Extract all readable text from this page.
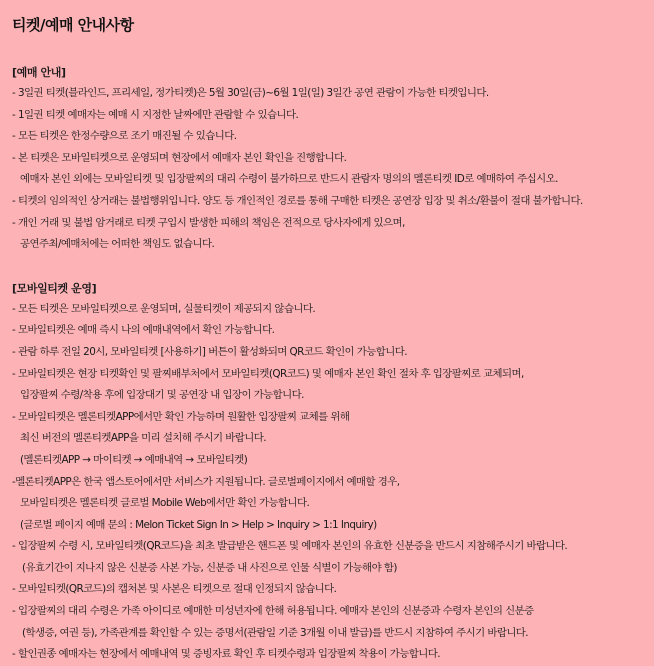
티켓/예매 안내사항
[예매 안내]
- 3일권 티켓(블라인드, 프리세일, 정가티켓)은 5월 30일(금)~6월 1일(일) 3일간 공연 관람이 가능한 티켓입니다.
- 1일권 티켓 예매자는 예매 시 지정한 날짜에만 관람할 수 있습니다.
- 모든 티켓은 한정수량으로 조기 매진될 수 있습니다.
- 본 티켓은 모바일티켓으로 운영되며 현장에서 예매자 본인 확인을 진행합니다.
예매자 본인 외에는 모바일티켓 및 입장팔찌의 대리 수령이 불가하므로 반드시 관람자 명의의 멜론티켓 ID로 예매하여 주십시오.
- 티켓의 임의적인 상거래는 불법행위입니다. 양도 등 개인적인 경로를 통해 구매한 티켓은 공연장 입장 및 취소/환불이 절대 불가합니다.
- 개인 거래 및 불법 암거래로 티켓 구입시 발생한 피해의 책임은 전적으로 당사자에게 있으며,
공연주최/예매처에는 어떠한 책임도 없습니다.
[모바일티켓 운영]
- 모든 티켓은 모바일티켓으로 운영되며, 실물티켓이 제공되지 않습니다.
- 모바일티켓은 예매 즉시 나의 예매내역에서 확인 가능합니다.
- 관람 하루 전일 20시, 모바일티켓 [사용하기] 버튼이 활성화되며 QR코드 확인이 가능합니다.
- 모바일티켓은 현장 티켓확인 및 팔찌배부처에서 모바일티켓(QR코드) 및 예매자 본인 확인 절차 후 입장팔찌로 교체되며,
입장팔찌 수령/착용 후에 입장대기 및 공연장 내 입장이 가능합니다.
- 모바일티켓은 멜론티켓APP에서만 확인 가능하며 원활한 입장팔찌 교체를 위해
최신 버전의 멜론티켓APP을 미리 설치해 주시기 바랍니다.
(멜론티켓APP → 마이티켓 → 예매내역 → 모바일티켓)
-멜론티켓APP은 한국 앱스토어에서만 서비스가 지원됩니다. 글로벌페이지에서 예매할 경우,
모바일티켓은 멜론티켓 글로벌 Mobile Web에서만 확인 가능합니다.
(글로벌 페이지 예매 문의 : Melon Ticket Sign In > Help > Inquiry > 1:1 Inquiry)
- 입장팔찌 수령 시, 모바일티켓(QR코드)을 최초 발급받은 핸드폰 및 예매자 본인의 유효한 신분증을 반드시 지참해주시기 바랍니다.
(유효기간이 지나지 않은 신분증 사본 가능, 신분증 내 사진으로 인물 식별이 가능해야 함)
- 모바일티켓(QR코드)의 캡처본 및 사본은 티켓으로 절대 인정되지 않습니다.
- 입장팔찌의 대리 수령은 가족 아이디로 예매한 미성년자에 한해 허용됩니다. 예매자 본인의 신분증과 수령자 본인의 신분증
(학생증, 여권 등), 가족관계를 확인할 수 있는 증명서(관람일 기준 3개월 이내 발급)를 반드시 지참하여 주시기 바랍니다.
- 할인권종 예매자는 현장에서 예매내역 및 증빙자료 확인 후 티켓수령과 입장팔찌 착용이 가능합니다.
